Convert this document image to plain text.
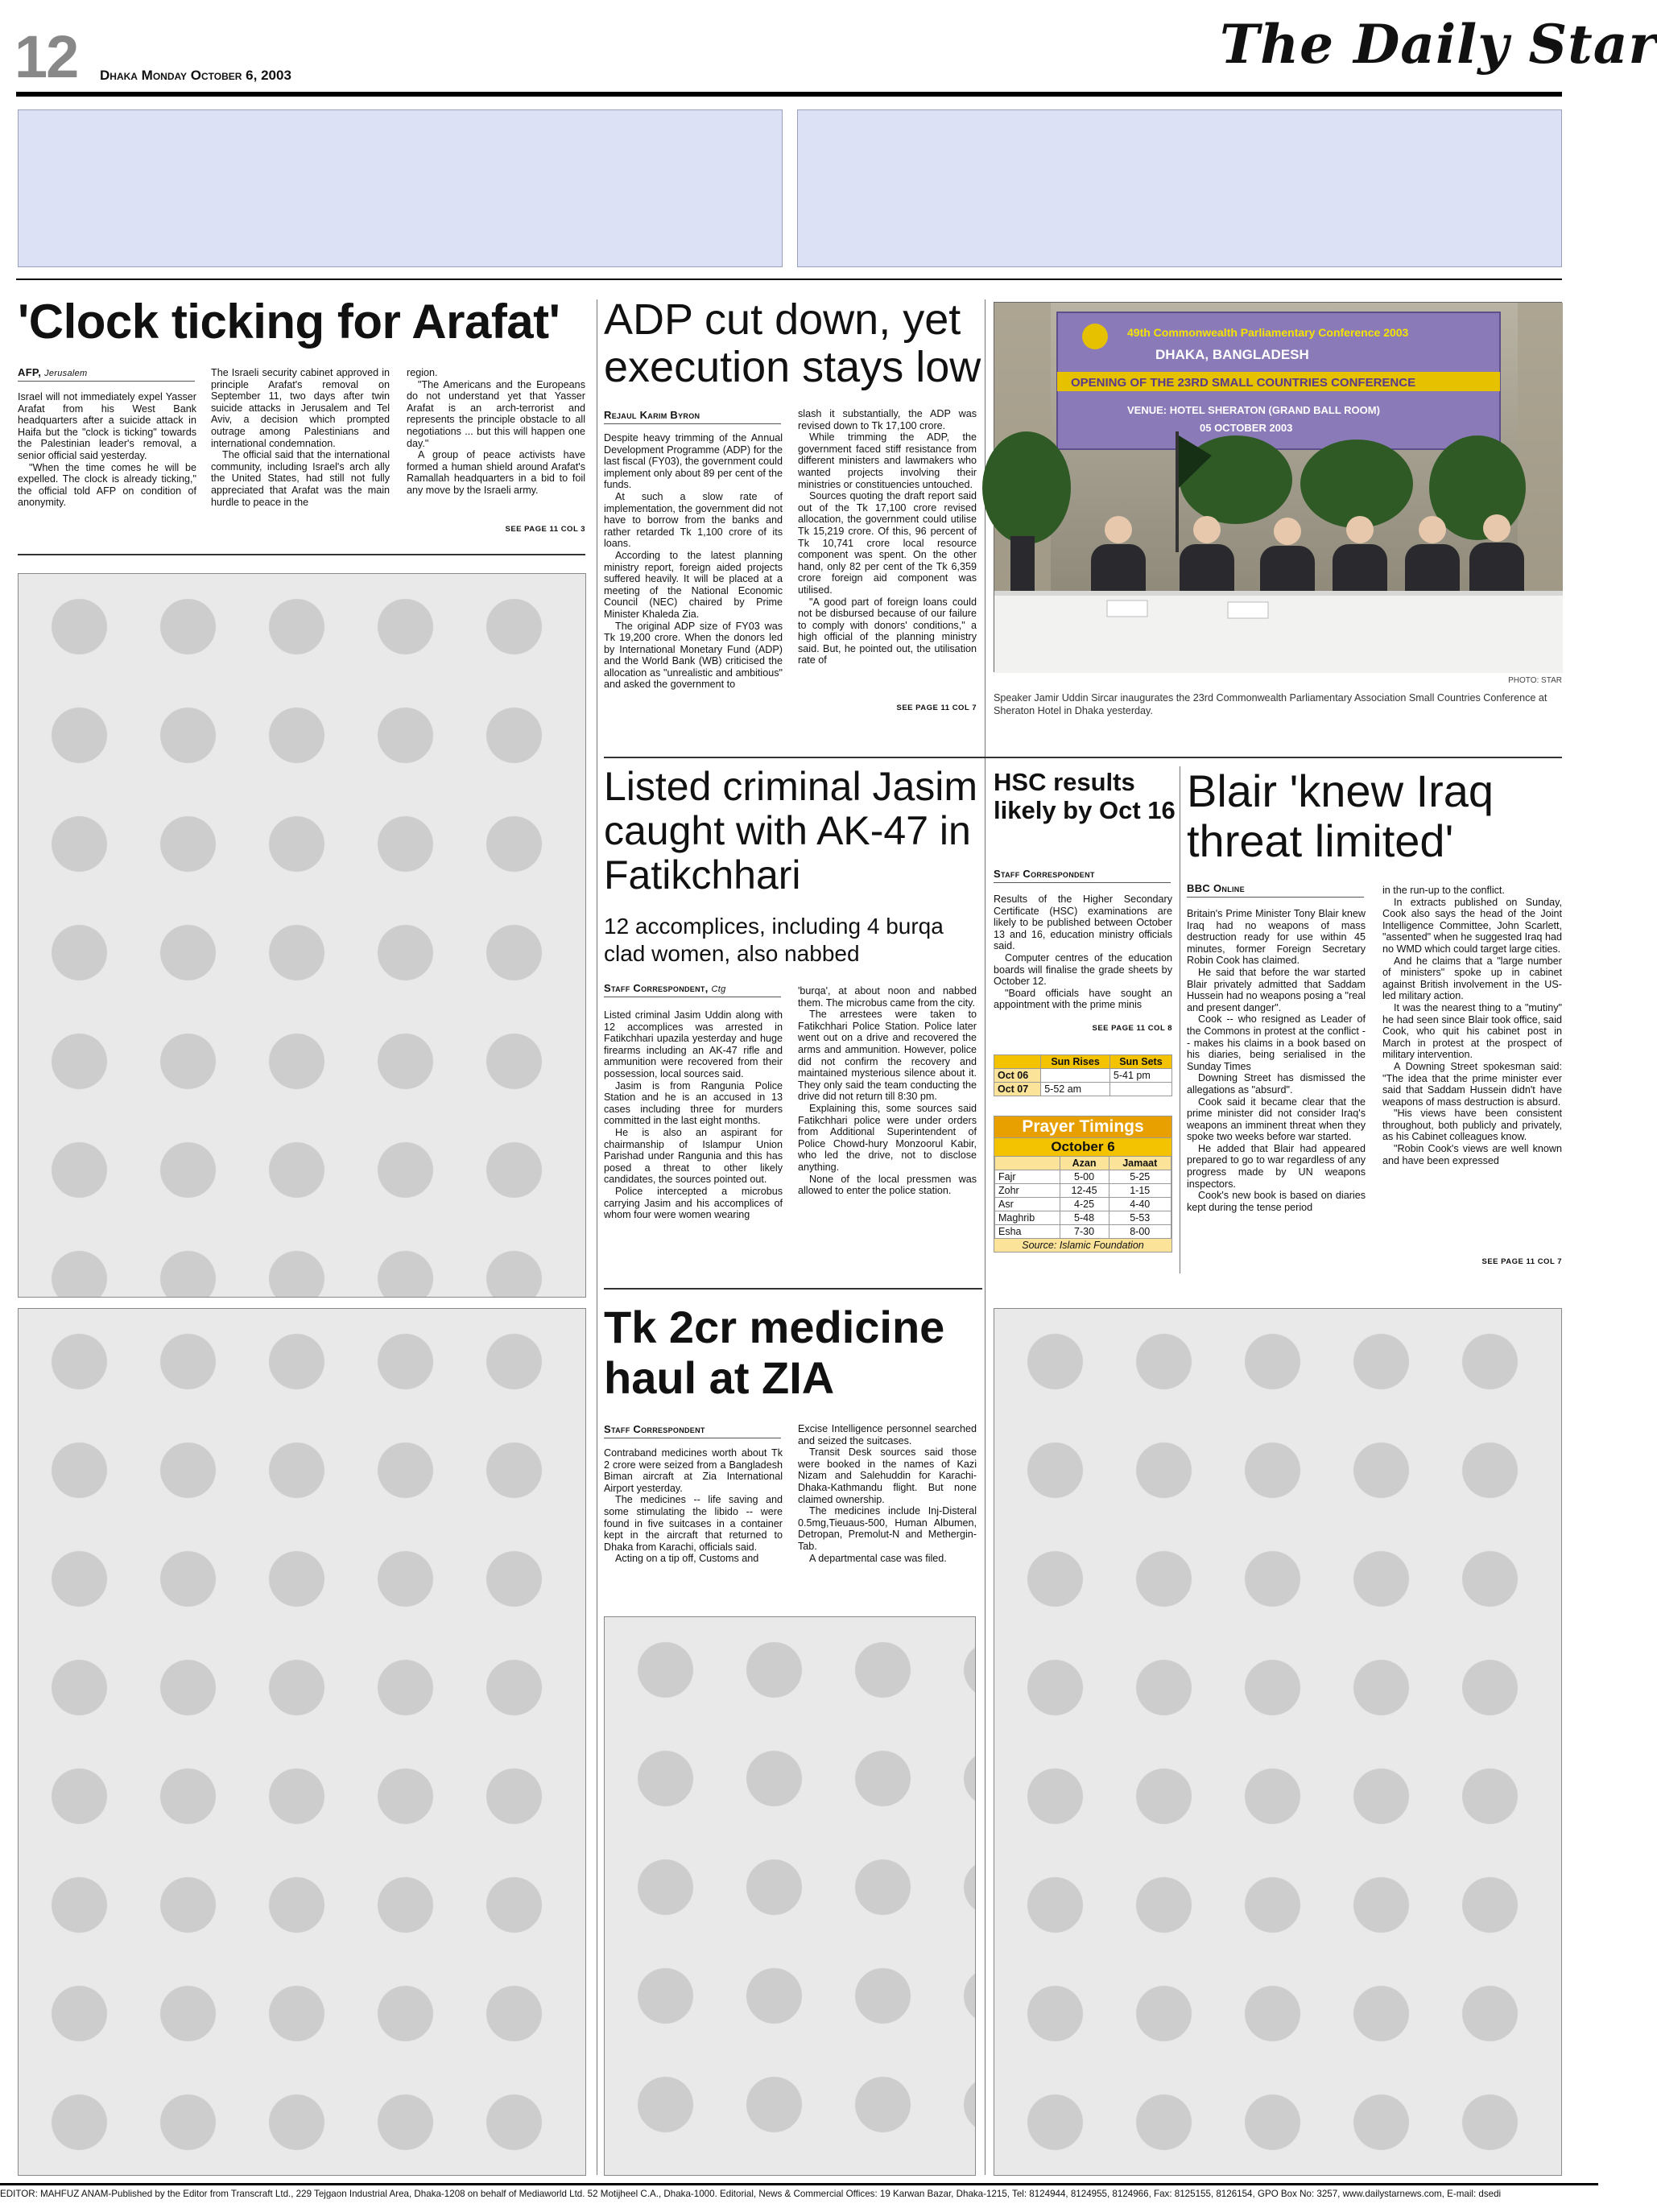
12 Dhaka Monday October 6, 2003	The Daily Star
'Clock ticking for Arafat'
AFP, Jerusalem

Israel will not immediately expel Yasser Arafat from his West Bank headquarters after a suicide attack in Haifa but the "clock is ticking" towards the Palestinian leader's removal, a senior official said yesterday.

"When the time comes he will be expelled. The clock is already ticking," the official told AFP on condition of anonymity.

The Israeli security cabinet approved in principle Arafat's removal on September 11, two days after twin suicide attacks in Jerusalem and Tel Aviv, a decision which prompted outrage among Palestinians and international condemnation.

The official said that the international community, including Israel's arch ally the United States, had still not fully appreciated that Arafat was the main hurdle to peace in the

region.

"The Americans and the Europeans do not understand yet that Yasser Arafat is an arch-terrorist and represents the principle obstacle to all negotiations ... but this will happen one day."

A group of peace activists have formed a human shield around Arafat's Ramallah headquarters in a bid to foil any move by the Israeli army.

SEE PAGE 11 COL 3
ADP cut down, yet execution stays low
Rejaul Karim Byron

Despite heavy trimming of the Annual Development Programme (ADP) for the last fiscal (FY03), the government could implement only about 89 per cent of the funds.

At such a slow rate of implementation, the government did not have to borrow from the banks and rather retarded Tk 1,100 crore of its loans.

According to the latest planning ministry report, foreign aided projects suffered heavily. It will be placed at a meeting of the National Economic Council (NEC) chaired by Prime Minister Khaleda Zia.

The original ADP size of FY03 was Tk 19,200 crore. When the donors led by International Monetary Fund (ADP) and the World Bank (WB) criticised the allocation as "unrealistic and ambitious" and asked the government to

slash it substantially, the ADP was revised down to Tk 17,100 crore.

While trimming the ADP, the government faced stiff resistance from different ministers and lawmakers who wanted projects involving their ministries or constituencies untouched.

Sources quoting the draft report said out of the Tk 17,100 crore revised allocation, the government could utilise Tk 15,219 crore. Of this, 96 percent of Tk 10,741 crore local resource component was spent. On the other hand, only 82 per cent of the Tk 6,359 crore foreign aid component was utilised.

"A good part of foreign loans could not be disbursed because of our failure to comply with donors' conditions," a high official of the planning ministry said. But, he pointed out, the utilisation rate of

SEE PAGE 11 COL 7
49th Commonwealth Parliamentary Conference 2003
DHAKA, BANGLADESH
OPENING OF THE 23RD SMALL COUNTRIES CONFERENCE
VENUE: HOTEL SHERATON (GRAND BALL ROOM)
05 OCTOBER 2003
PHOTO: STAR
Speaker Jamir Uddin Sircar inaugurates the 23rd Commonwealth Parliamentary Association Small Countries Conference at Sheraton Hotel in Dhaka yesterday.
Listed criminal Jasim caught with AK-47 in Fatikchhari
12 accomplices, including 4 burqa clad women, also nabbed
Staff Correspondent, Ctg

Listed criminal Jasim Uddin along with 12 accomplices was arrested in Fatikchhari upazila yesterday and huge firearms including an AK-47 rifle and ammunition were recovered from their possession, local sources said.

Jasim is from Rangunia Police Station and he is an accused in 13 cases including three for murders committed in the last eight months.

He is also an aspirant for chairmanship of Islampur Union Parishad under Rangunia and this has posed a threat to other likely candidates, the sources pointed out.

Police intercepted a microbus carrying Jasim and his accomplices of whom four were women wearing

'burqa', at about noon and nabbed them. The microbus came from the city.

The arrestees were taken to Fatikchhari Police Station. Police later went out on a drive and recovered the arms and ammunition. However, police did not confirm the recovery and maintained mysterious silence about it. They only said the team conducting the drive did not return till 8:30 pm.

Explaining this, some sources said Fatikchhari police were under orders from Additional Superintendent of Police Chowd-hury Monzoorul Kabir, who led the drive, not to disclose anything.

None of the local pressmen was allowed to enter the police station.

HSC results likely by Oct 16
Staff Correspondent

Results of the Higher Secondary Certificate (HSC) examinations are likely to be published between October 13 and 16, education ministry officials said.

Computer centres of the education boards will finalise the grade sheets by October 12.

"Board officials have sought an appointment with the prime minis

SEE PAGE 11 COL 8
	Sun Rises	Sun Sets
Oct 06		5-41 pm
Oct 07	5-52 am	
Prayer Timings
October 6
	Azan	Jamaat
Fajr	5-00	5-25
Zohr	12-45	1-15
Asr	4-25	4-40
Maghrib	5-48	5-53
Esha	7-30	8-00
Source: Islamic Foundation
Blair 'knew Iraq threat limited'
BBC Online

Britain's Prime Minister Tony Blair knew Iraq had no weapons of mass destruction ready for use within 45 minutes, former Foreign Secretary Robin Cook has claimed.

He said that before the war started Blair privately admitted that Saddam Hussein had no weapons posing a "real and present danger".

Cook -- who resigned as Leader of the Commons in protest at the conflict -- makes his claims in a book based on his diaries, being serialised in the Sunday Times

Downing Street has dismissed the allegations as "absurd".

Cook said it became clear that the prime minister did not consider Iraq's weapons an imminent threat when they spoke two weeks before war started.

He added that Blair had appeared prepared to go to war regardless of any progress made by UN weapons inspectors.

Cook's new book is based on diaries kept during the tense period

in the run-up to the conflict.

In extracts published on Sunday, Cook also says the head of the Joint Intelligence Committee, John Scarlett, "assented" when he suggested Iraq had no WMD which could target large cities.

And he claims that a "large number of ministers" spoke up in cabinet against British involvement in the US-led military action.

It was the nearest thing to a "mutiny" he had seen since Blair took office, said Cook, who quit his cabinet post in March in protest at the prospect of military intervention.

A Downing Street spokesman said: "The idea that the prime minister ever said that Saddam Hussein didn't have weapons of mass destruction is absurd.

"His views have been consistent throughout, both publicly and privately, as his Cabinet colleagues know.

"Robin Cook's views are well known and have been expressed

SEE PAGE 11 COL 7
Tk 2cr medicine haul at ZIA
Staff Correspondent

Contraband medicines worth about Tk 2 crore were seized from a Bangladesh Biman aircraft at Zia International Airport yesterday.

The medicines -- life saving and some stimulating the libido -- were found in five suitcases in a container kept in the aircraft that returned to Dhaka from Karachi, officials said.

Acting on a tip off, Customs and

Excise Intelligence personnel searched and seized the suitcases.

Transit Desk sources said those were booked in the names of Kazi Nizam and Salehuddin for Karachi-Dhaka-Kathmandu flight. But none claimed ownership.

The medicines include Inj-Disteral 0.5mg,Tieuaus-500, Human Albumen, Detropan, Premolut-N and Methergin-Tab.

A departmental case was filed.

EDITOR: MAHFUZ ANAM-Published by the Editor from Transcraft Ltd., 229 Tejgaon Industrial Area, Dhaka-1208 on behalf of Mediaworld Ltd. 52 Motijheel C.A., Dhaka-1000. Editorial, News & Commercial Offices: 19 Karwan Bazar, Dhaka-1215, Tel: 8124944, 8124955, 8124966, Fax: 8125155, 8126154, GPO Box No: 3257, www.dailystarnews.com, E-mail: dsedi
